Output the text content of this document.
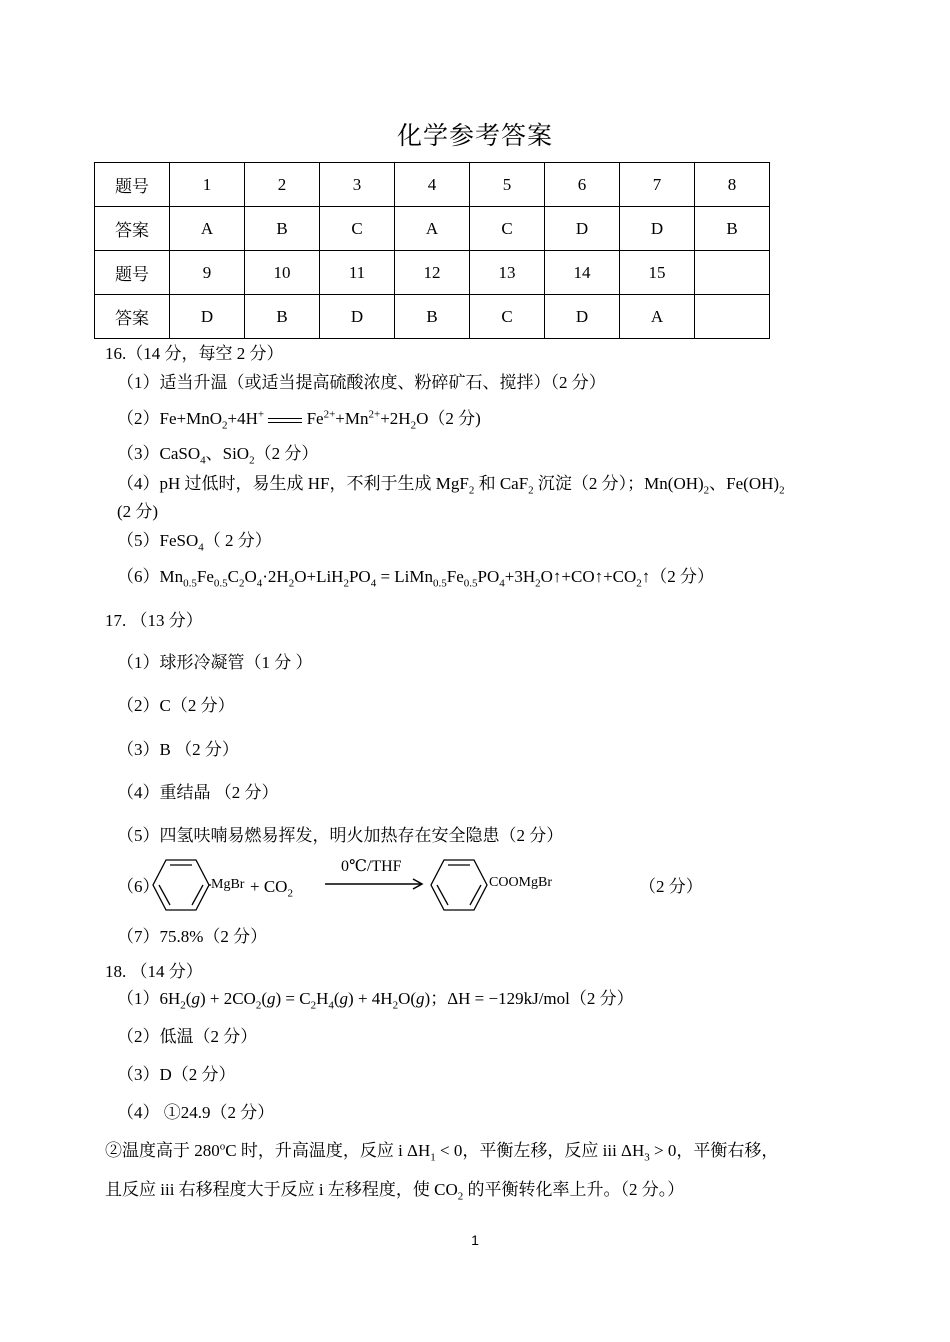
化学参考答案
题号	1	2	3	4	5	6	7	8
答案	A	B	C	A	C	D	D	B
题号	9	10	11	12	13	14	15	
答案	D	B	D	B	C	D	A	
16.（14 分，每空 2 分）
（1）适当升温（或适当提高硫酸浓度、粉碎矿石、搅拌）（2 分）
（2）Fe+MnO$_2$+4H+	$Fe^{2+}+Mn^{2+}+2H_2O(2$ 分)
（3）CaSO$_4$、SiO$_2$（2 分）
（4）pH 过低时，易生成 HF，不利于生成 MgF$_2$ 和 CaF$_2$ 沉淀（2 分）；$Mn(OH)_2$、$Fe(OH)_2$
(2 分)
（5）FeSO$_4$（ 2 分）
$(6)Mn_{0.5}Fe_{0.5}C_2O_4\cdot 2H_2O+LiH_2PO_4$ = $LiMn_{0.5}Fe_{0.5}PO_4+3H_2O↑+CO↑+CO_2↑(2$ 分）
17. （13 分）
（1）球形冷凝管（1 分 ）
（2）C（2 分）
（3）B （2 分）
（4）重结晶 （2 分）
（5）四氢呋喃易燃易挥发，明火加热存在安全隐患（2 分）
（6）	MgBr + $CO_2$
0℃/THF
COOMgBr	（2 分）
（7）75.8%（2 分）
18. （14 分）
$(1)6H_2(g) + 2CO_2(g) = C_2H_4(g) + 4H_2O(g)$；ΔH = −129kJ/mol（2 分）
（2）低温（2 分）
（3）D（2 分）
（4） ①24.9（2 分）
②温度高于 280$^o$C 时，升高温度，反应 i $\Delta H_1 < 0$，平衡左移，反应 iii $\Delta H_3 > 0$，平衡右移，
且反应 iii 右移程度大于反应 i 左移程度，使 $CO_2$ 的平衡转化率上升。（2 分。）
1
